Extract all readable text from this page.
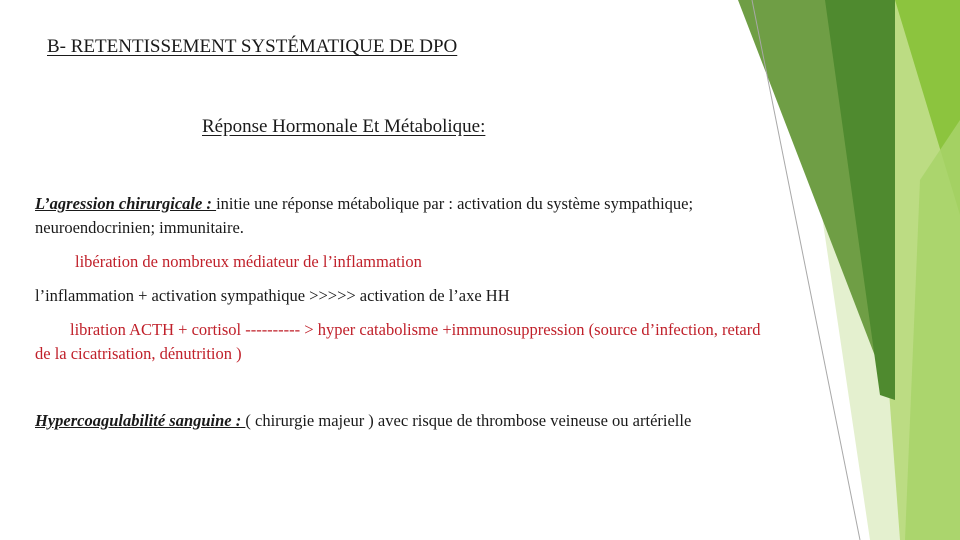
B- RETENTISSEMENT SYSTÉMATIQUE DE DPO

Réponse Hormonale Et Métabolique:

L’agression chirurgicale : initie une réponse métabolique par : activation du système sympathique; neuroendocrinien; immunitaire.

libération de nombreux médiateur de l’inflammation

l’inflammation + activation sympathique >>>>> activation de l’axe HH

libration ACTH + cortisol ---------- > hyper catabolisme +immunosuppression (source d’infection, retard de la cicatrisation, dénutrition )

Hypercoagulabilité sanguine : ( chirurgie majeur ) avec risque de thrombose veineuse ou artérielle
